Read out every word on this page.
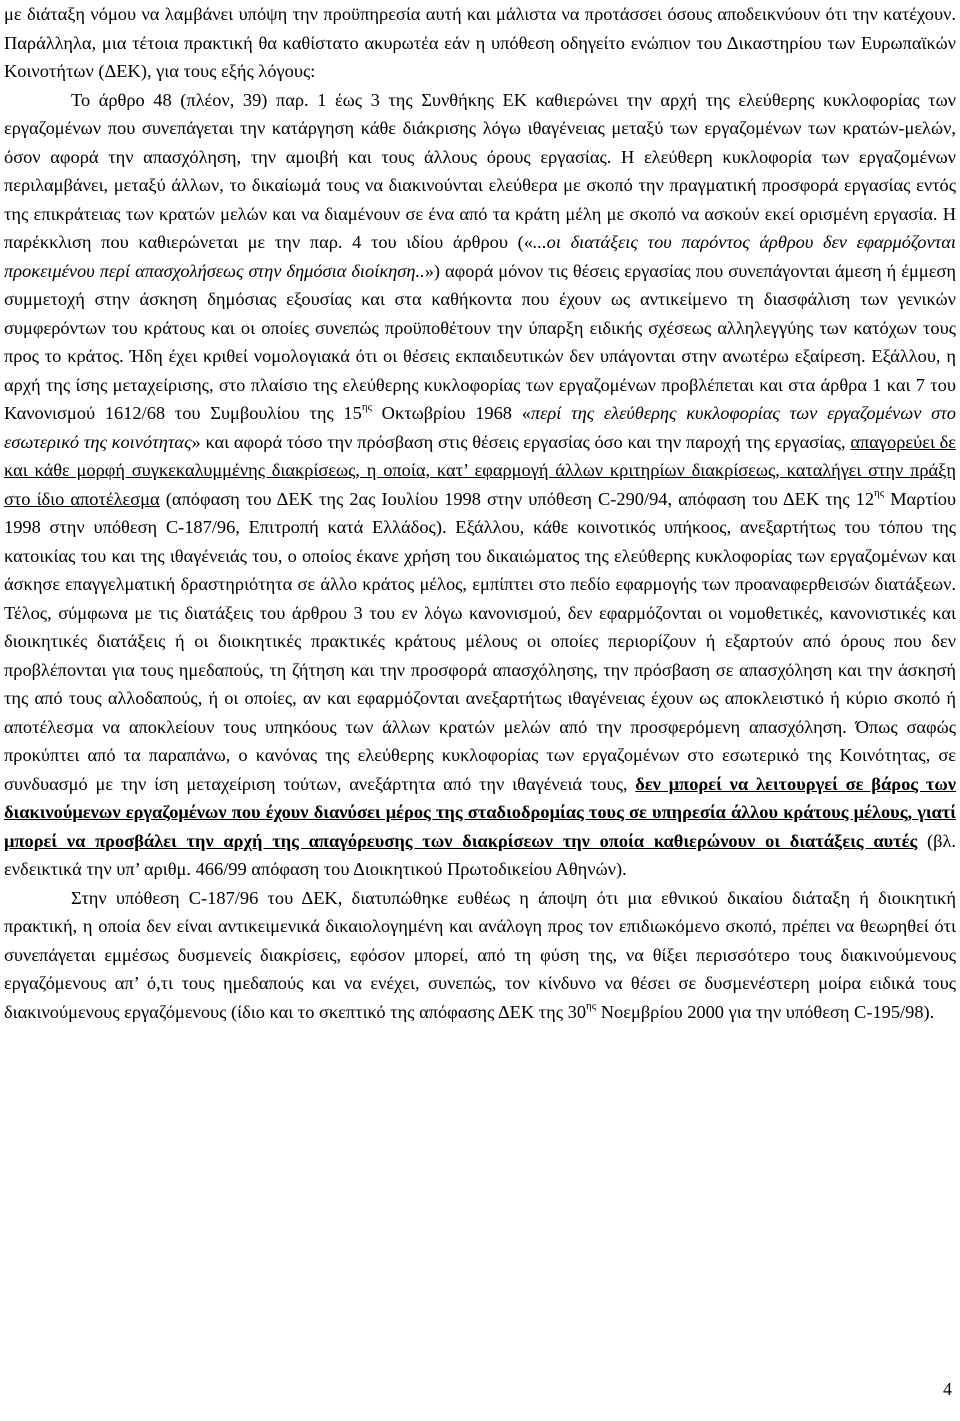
με διάταξη νόμου να λαμβάνει υπόψη την προϋπηρεσία αυτή και μάλιστα να προτάσσει όσους αποδεικνύουν ότι την κατέχουν. Παράλληλα, μια τέτοια πρακτική θα καθίστατο ακυρωτέα εάν η υπόθεση οδηγείτο ενώπιον του Δικαστηρίου των Ευρωπαϊκών Κοινοτήτων (ΔΕΚ), για τους εξής λόγους:

Το άρθρο 48 (πλέον, 39) παρ. 1 έως 3 της Συνθήκης ΕΚ καθιερώνει την αρχή της ελεύθερης κυκλοφορίας των εργαζομένων που συνεπάγεται την κατάργηση κάθε διάκρισης λόγω ιθαγένειας μεταξύ των εργαζομένων των κρατών-μελών, όσον αφορά την απασχόληση, την αμοιβή και τους άλλους όρους εργασίας. Η ελεύθερη κυκλοφορία των εργαζομένων περιλαμβάνει, μεταξύ άλλων, το δικαίωμά τους να διακινούνται ελεύθερα με σκοπό την πραγματική προσφορά εργασίας εντός της επικράτειας των κρατών μελών και να διαμένουν σε ένα από τα κράτη μέλη με σκοπό να ασκούν εκεί ορισμένη εργασία. Η παρέκκλιση που καθιερώνεται με την παρ. 4 του ιδίου άρθρου («...οι διατάξεις του παρόντος άρθρου δεν εφαρμόζονται προκειμένου περί απασχολήσεως στην δημόσια διοίκηση..») αφορά μόνον τις θέσεις εργασίας που συνεπάγονται άμεση ή έμμεση συμμετοχή στην άσκηση δημόσιας εξουσίας και στα καθήκοντα που έχουν ως αντικείμενο τη διασφάλιση των γενικών συμφερόντων του κράτους και οι οποίες συνεπώς προϋποθέτουν την ύπαρξη ειδικής σχέσεως αλληλεγγύης των κατόχων τους προς το κράτος. Ήδη έχει κριθεί νομολογιακά ότι οι θέσεις εκπαιδευτικών δεν υπάγονται στην ανωτέρω εξαίρεση. Εξάλλου, η αρχή της ίσης μεταχείρισης, στο πλαίσιο της ελεύθερης κυκλοφορίας των εργαζομένων προβλέπεται και στα άρθρα 1 και 7 του Κανονισμού 1612/68 του Συμβουλίου της $15^{\eta\varsigma}$ Οκτωβρίου 1968 «περί της ελεύθερης κυκλοφορίας των εργαζομένων στο εσωτερικό της κοινότητας» και αφορά τόσο την πρόσβαση στις θέσεις εργασίας όσο και την παροχή της εργασίας, απαγορεύει δε και κάθε μορφή συγκεκαλυμμένης διακρίσεως, η οποία, κατ’ εφαρμογή άλλων κριτηρίων διακρίσεως, καταλήγει στην πράξη στο ίδιο αποτέλεσμα (απόφαση του ΔΕΚ της 2ας Ιουλίου 1998 στην υπόθεση C-290/94, απόφαση του ΔΕΚ της $12^{\eta\varsigma}$ Μαρτίου 1998 στην υπόθεση C-187/96, Επιτροπή κατά Ελλάδος). Εξάλλου, κάθε κοινοτικός υπήκοος, ανεξαρτήτως του τόπου της κατοικίας του και της ιθαγένειάς του, ο οποίος έκανε χρήση του δικαιώματος της ελεύθερης κυκλοφορίας των εργαζομένων και άσκησε επαγγελματική δραστηριότητα σε άλλο κράτος μέλος, εμπίπτει στο πεδίο εφαρμογής των προαναφερθεισών διατάξεων. Τέλος, σύμφωνα με τις διατάξεις του άρθρου 3 του εν λόγω κανονισμού, δεν εφαρμόζονται οι νομοθετικές, κανονιστικές και διοικητικές διατάξεις ή οι διοικητικές πρακτικές κράτους μέλους οι οποίες περιορίζουν ή εξαρτούν από όρους που δεν προβλέπονται για τους ημεδαπούς, τη ζήτηση και την προσφορά απασχόλησης, την πρόσβαση σε απασχόληση και την άσκησή της από τους αλλοδαπούς, ή οι οποίες, αν και εφαρμόζονται ανεξαρτήτως ιθαγένειας έχουν ως αποκλειστικό ή κύριο σκοπό ή αποτέλεσμα να αποκλείουν τους υπηκόους των άλλων κρατών μελών από την προσφερόμενη απασχόληση. Όπως σαφώς προκύπτει από τα παραπάνω, ο κανόνας της ελεύθερης κυκλοφορίας των εργαζομένων στο εσωτερικό της Κοινότητας, σε συνδυασμό με την ίση μεταχείριση τούτων, ανεξάρτητα από την ιθαγένειά τους, δεν μπορεί να λειτουργεί σε βάρος των διακινούμενων εργαζομένων που έχουν διανύσει μέρος της σταδιοδρομίας τους σε υπηρεσία άλλου κράτους μέλους, γιατί μπορεί να προσβάλει την αρχή της απαγόρευσης των διακρίσεων την οποία καθιερώνουν οι διατάξεις αυτές (βλ. ενδεικτικά την υπ’ αριθμ. 466/99 απόφαση του Διοικητικού Πρωτοδικείου Αθηνών).

Στην υπόθεση C-187/96 του ΔΕΚ, διατυπώθηκε ευθέως η άποψη ότι μια εθνικού δικαίου διάταξη ή διοικητική πρακτική, η οποία δεν είναι αντικειμενικά δικαιολογημένη και ανάλογη προς τον επιδιωκόμενο σκοπό, πρέπει να θεωρηθεί ότι συνεπάγεται εμμέσως δυσμενείς διακρίσεις, εφόσον μπορεί, από τη φύση της, να θίξει περισσότερο τους διακινούμενους εργαζόμενους απ’ ό,τι τους ημεδαπούς και να ενέχει, συνεπώς, τον κίνδυνο να θέσει σε δυσμενέστερη μοίρα ειδικά τους διακινούμενους εργαζόμενους (ίδιο και το σκεπτικό της απόφασης ΔΕΚ της $30^{\eta\varsigma}$ Νοεμβρίου 2000 για την υπόθεση C-195/98).

4
